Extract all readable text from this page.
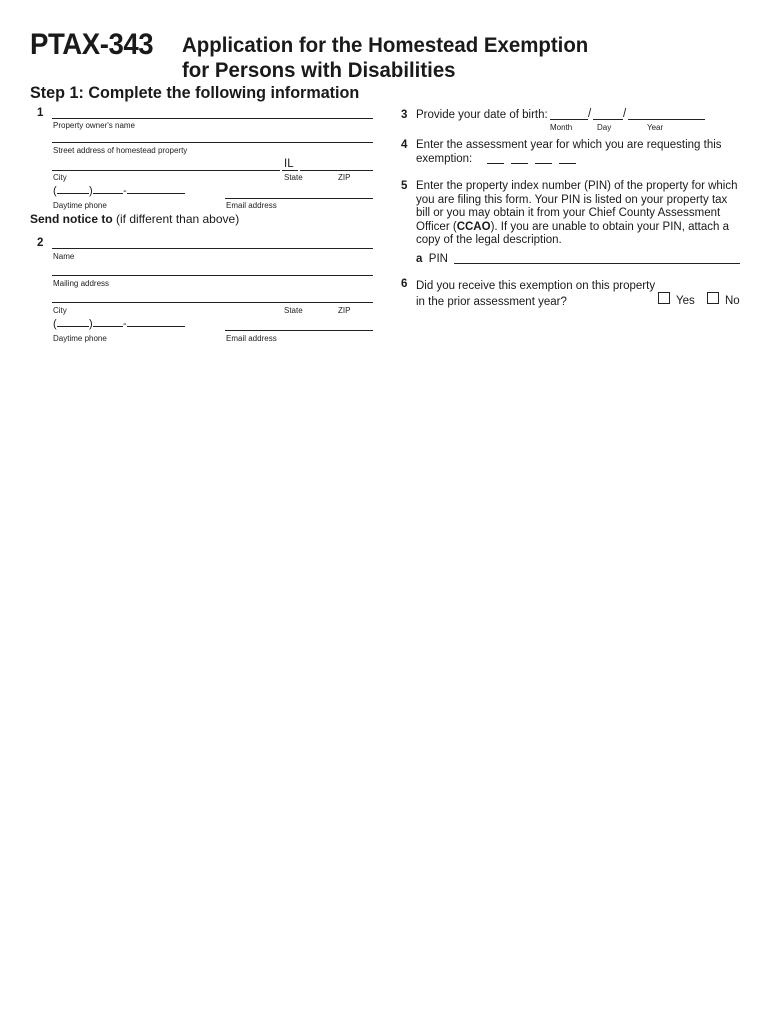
PTAX-343 Application for the Homestead Exemption
for Persons with Disabilities
Step 1: Complete the following information
1
Property owner's name
Street address of homestead property
IL
City	State	ZIP
(	)	-
Daytime phone	Email address
Send notice to (if different than above)
2
Name
Mailing address
City	State	ZIP
(	)	-
Daytime phone	Email address
3 Provide your date of birth:	/	/
Month	Day	Year
4 Enter the assessment year for which you are requesting this
exemption:
5 Enter the property index number (PIN) of the property for which
you are filing this form. Your PIN is listed on your property tax
bill or you may obtain it from your Chief County Assessment
Officer (CCAO). If you are unable to obtain your PIN, attach a
copy of the legal description.
a PIN
6 Did you receive this exemption on this property
in the prior assessment year?	Yes	No
